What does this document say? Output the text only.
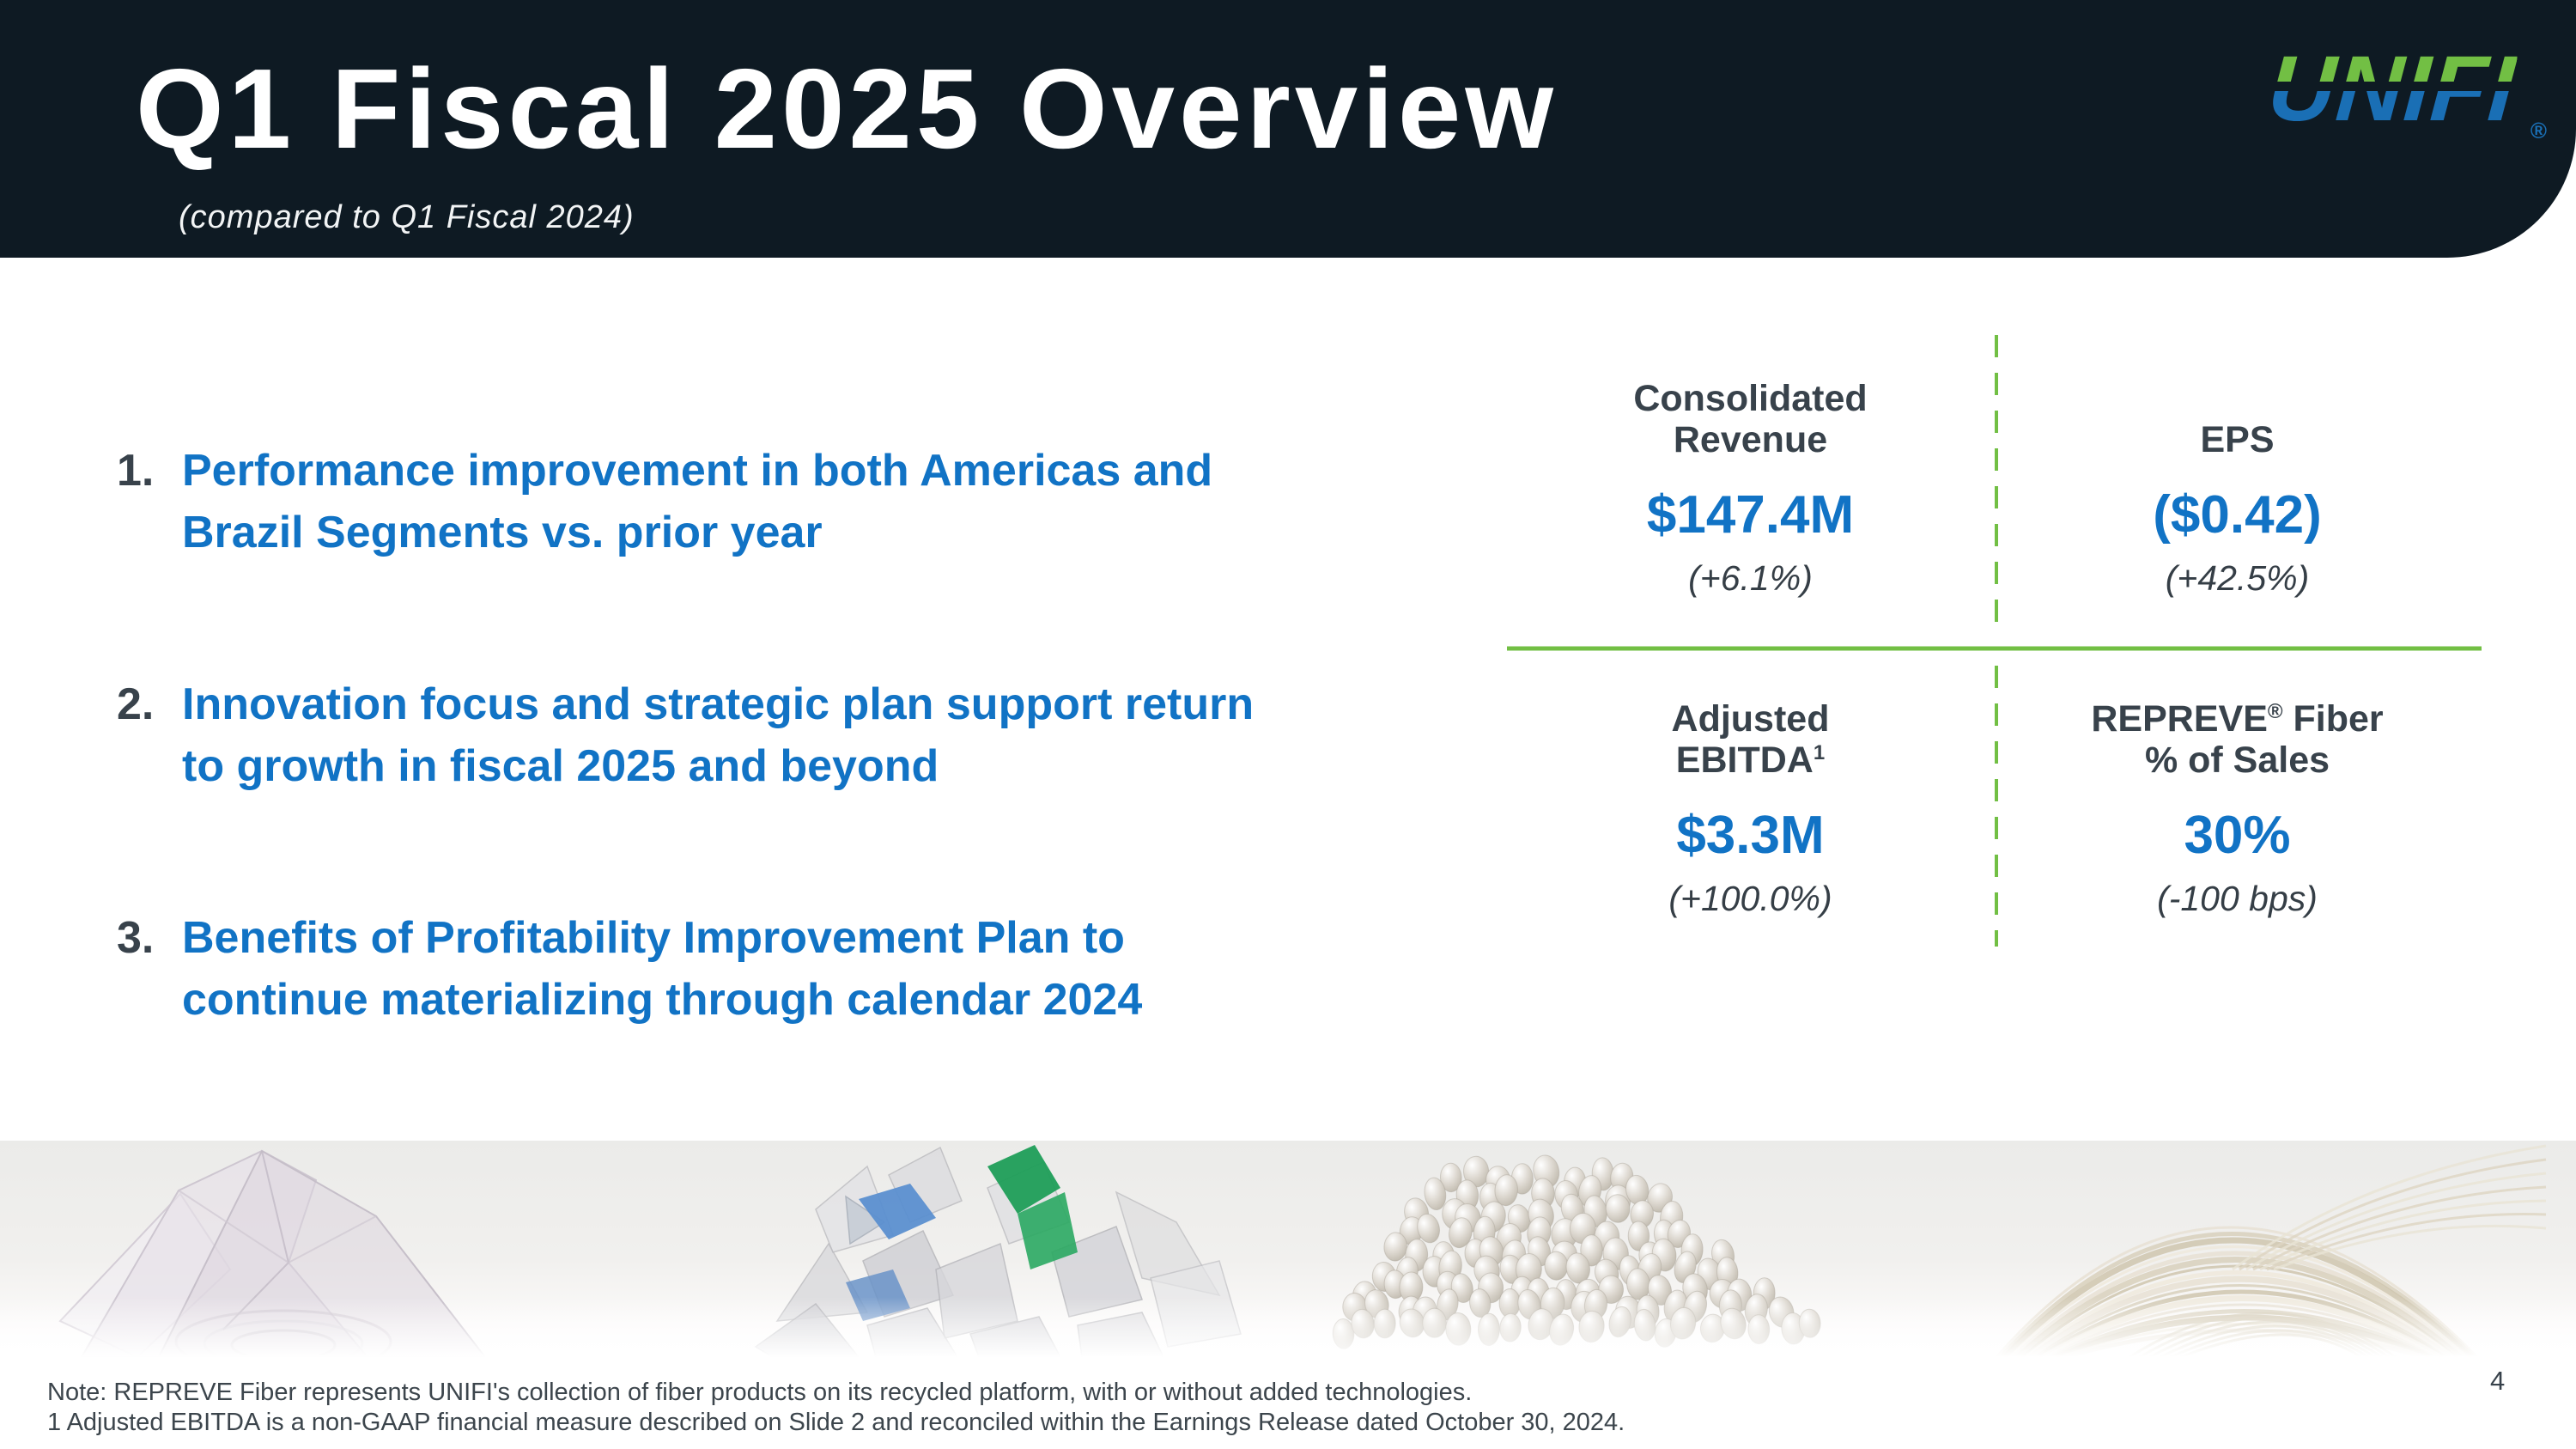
Q1 Fiscal 2025 Overview
(compared to Q1 Fiscal 2024)
UNIFI ®
1. Performance improvement in both Americas and
Brazil Segments vs. prior year
2. Innovation focus and strategic plan support return
to growth in fiscal 2025 and beyond
3. Benefits of Profitability Improvement Plan to
continue materializing through calendar 2024
Consolidated
Revenue
$147.4M
(+6.1%)
EPS
($0.42)
(+42.5%)
Adjusted
EBITDA$^1$
$3.3M
(+100.0%)
REPREVE® Fiber
% of Sales
30%
(-100 bps)
Note: REPREVE Fiber represents UNIFI's collection of fiber products on its recycled platform, with or without added technologies.
1 Adjusted EBITDA is a non-GAAP financial measure described on Slide 2 and reconciled within the Earnings Release dated October 30, 2024.
4
